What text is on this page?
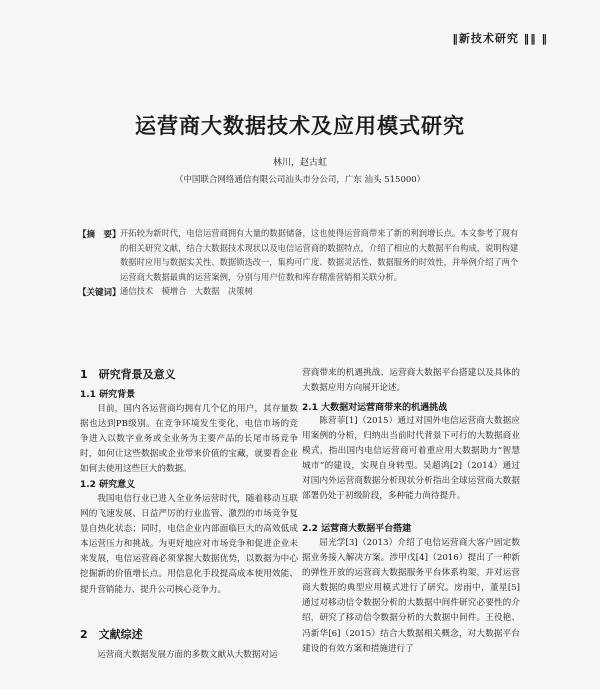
‖新技术研究 ‖‖ ‖
运营商大数据技术及应用模式研究
林川，赵古虹
（中国联合网络通信有限公司汕头市分公司，广东 汕头 515000）
【摘　要】 开拓较为新时代，电信运营商拥有大量的数据储备，这也使得运营商带来了新的利润增长点。本文参考了现有的相关研究文献，结合大数据技术现状以及电信运营商的数据特点，介绍了相应的大数据平台构成，说明构建数据时应用与数据实关性、数据锁迭改一，集构可广度、数据灵活性、数据服务的时效性，并举例介绍了两个运营商大数据最典的运营案例，分别与用户位数和库存精准营销相关联分析。
【关键词】 通信技术　模增合　大数据　决策树
1　研究背景及意义
1.1 研究背景

目前，国内各运营商均拥有几个亿的用户，其存量数据也达到PB级别。在竞争环境发生变化，电信市场的竞争进入以数字业务或全业务为主要产品的长尾市场竞争时，如何让这些数据或企业带来价值的宝藏，就要看企业如何去使用这些巨大的数据。

1.2 研究意义

我国电信行业已进入全业务运营时代，随着移动互联网的飞速发展、日益严厉的行业监管、激烈的市场竞争复显自热化状态；同时，电信企业内部面临巨大的高效低成本运营压力和挑战。为更好地应对市场竞争和促进企业未来发展，电信运营商必须掌握大数据优势，以数据为中心挖掘新的价值增长点。用信息化手段提高成本使用效能、提升营销能力、提升公司核心竞争力。

2　文献综述

运营商大数据发展方面的多数文献从大数据对运

营商带来的机遇挑战、运营商大数据平台搭建以及具体的大数据应用方向展开论述。

2.1 大数据对运营商带来的机遇挑战

陈营菲[1]（2015）通过对国外电信运营商大数据应用案例的分析，归纳出当前时代背景下可行的大数据商业模式，指出国内电信运营商可着重应用大数据助力“智慧城市”的建设，实现自身转型。吴超鸿[2]（2014）通过对国内外运营商数据分析现状分析指出全球运营商大数据部署仍处于初级阶段，多种能力尚待提升。

2.2 运营商大数据平台搭建

屈光学[3]（2013）介绍了电信运营商大客户固定数据业务接入解决方案。涉甲戊[4]（2016）提出了一种新的弹性开放的运营商大数据服务平台体系构架，并对运营商大数据的典型应用模式进行了研究。房雨中，董星[5]通过对移动信令数据分析的大数据中间件研究必要性的介绍，研究了移动信令数据分析的大数据中间件。王役艳、冯新华[6]（2015）结合大数据相关概念，对大数据平台建设的有效方案和措施进行了
